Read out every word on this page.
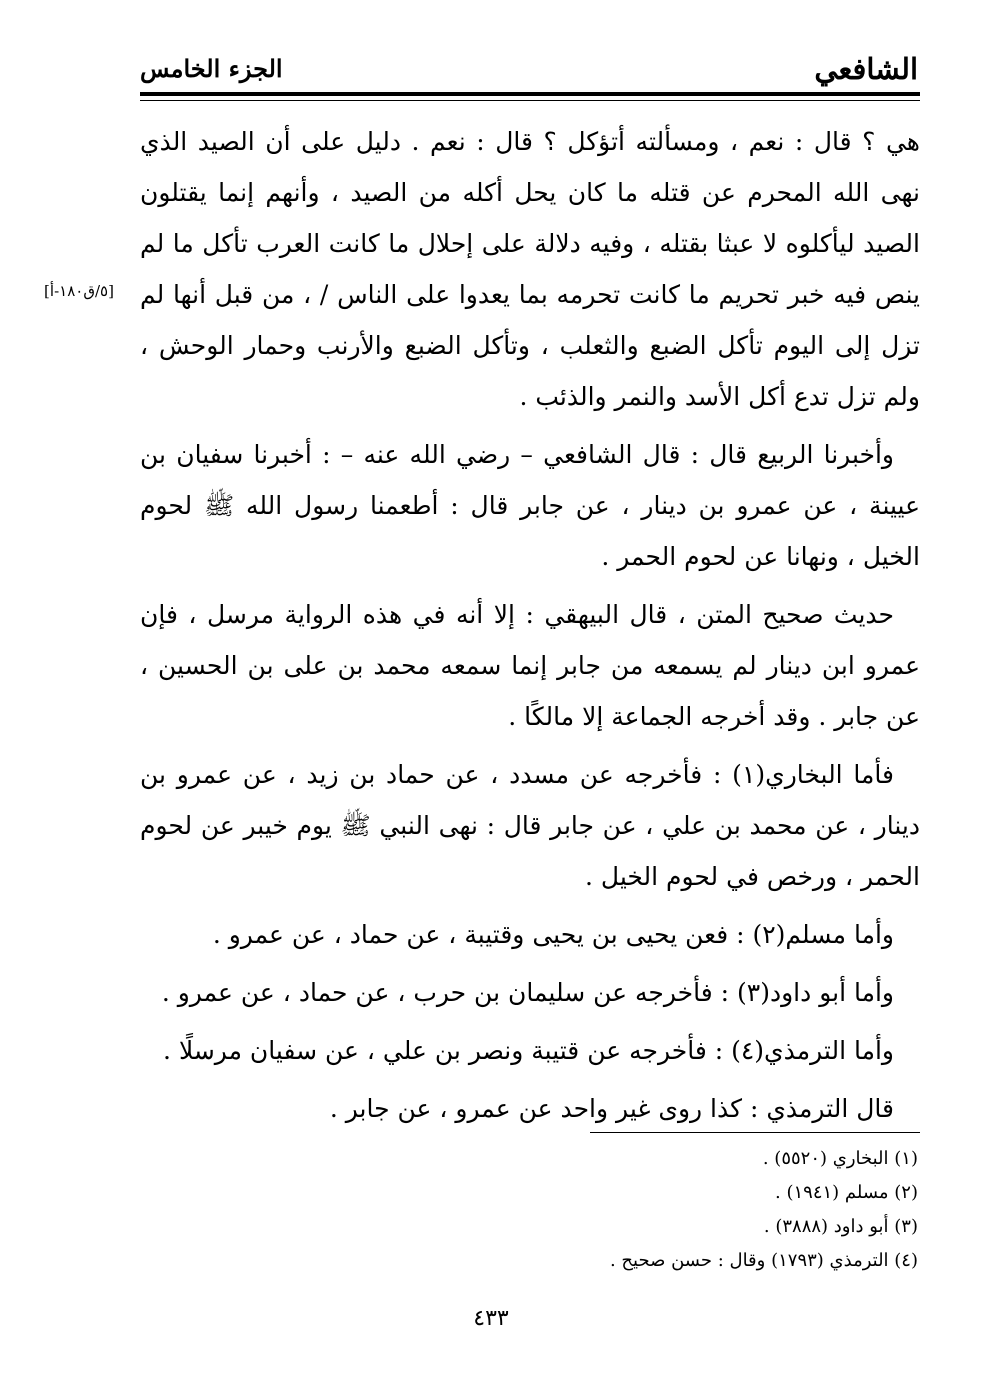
الشافعي
الجزء الخامس
[٥/ق١٨٠-أ]

هي ؟ قال : نعم ، ومسألته أتؤكل ؟ قال : نعم . دليل على أن الصيد الذي نهى الله المحرم عن قتله ما كان يحل أكله من الصيد ، وأنهم إنما يقتلون الصيد ليأكلوه لا عبثا بقتله ، وفيه دلالة على إحلال ما كانت العرب تأكل ما لم ينص فيه خبر تحريم ما كانت تحرمه بما يعدوا على الناس / ، من قبل أنها لم تزل إلى اليوم تأكل الضبع والثعلب ، وتأكل الضبع والأرنب وحمار الوحش ، ولم تزل تدع أكل الأسد والنمر والذئب .

وأخبرنا الربيع قال : قال الشافعي – رضي الله عنه – : أخبرنا سفيان بن عيينة ، عن عمرو بن دينار ، عن جابر قال : أطعمنا رسول الله ﷺ لحوم الخيل ، ونهانا عن لحوم الحمر .

حديث صحيح المتن ، قال البيهقي : إلا أنه في هذه الرواية مرسل ، فإن عمرو ابن دينار لم يسمعه من جابر إنما سمعه محمد بن على بن الحسين ، عن جابر . وقد أخرجه الجماعة إلا مالكًا .

فأما البخاري(١) : فأخرجه عن مسدد ، عن حماد بن زيد ، عن عمرو بن دينار ، عن محمد بن علي ، عن جابر قال : نهى النبي ﷺ يوم خيبر عن لحوم الحمر ، ورخص في لحوم الخيل .

وأما مسلم(٢) : فعن يحيى بن يحيى وقتيبة ، عن حماد ، عن عمرو .

وأما أبو داود(٣) : فأخرجه عن سليمان بن حرب ، عن حماد ، عن عمرو .

وأما الترمذي(٤) : فأخرجه عن قتيبة ونصر بن علي ، عن سفيان مرسلًا .

قال الترمذي : كذا روى غير واحد عن عمرو ، عن جابر .

(١) البخاري (٥٥٢٠) .
(٢) مسلم (١٩٤١) .
(٣) أبو داود (٣٨٨٨) .
(٤) الترمذي (١٧٩٣) وقال : حسن صحيح .
٤٣٣
